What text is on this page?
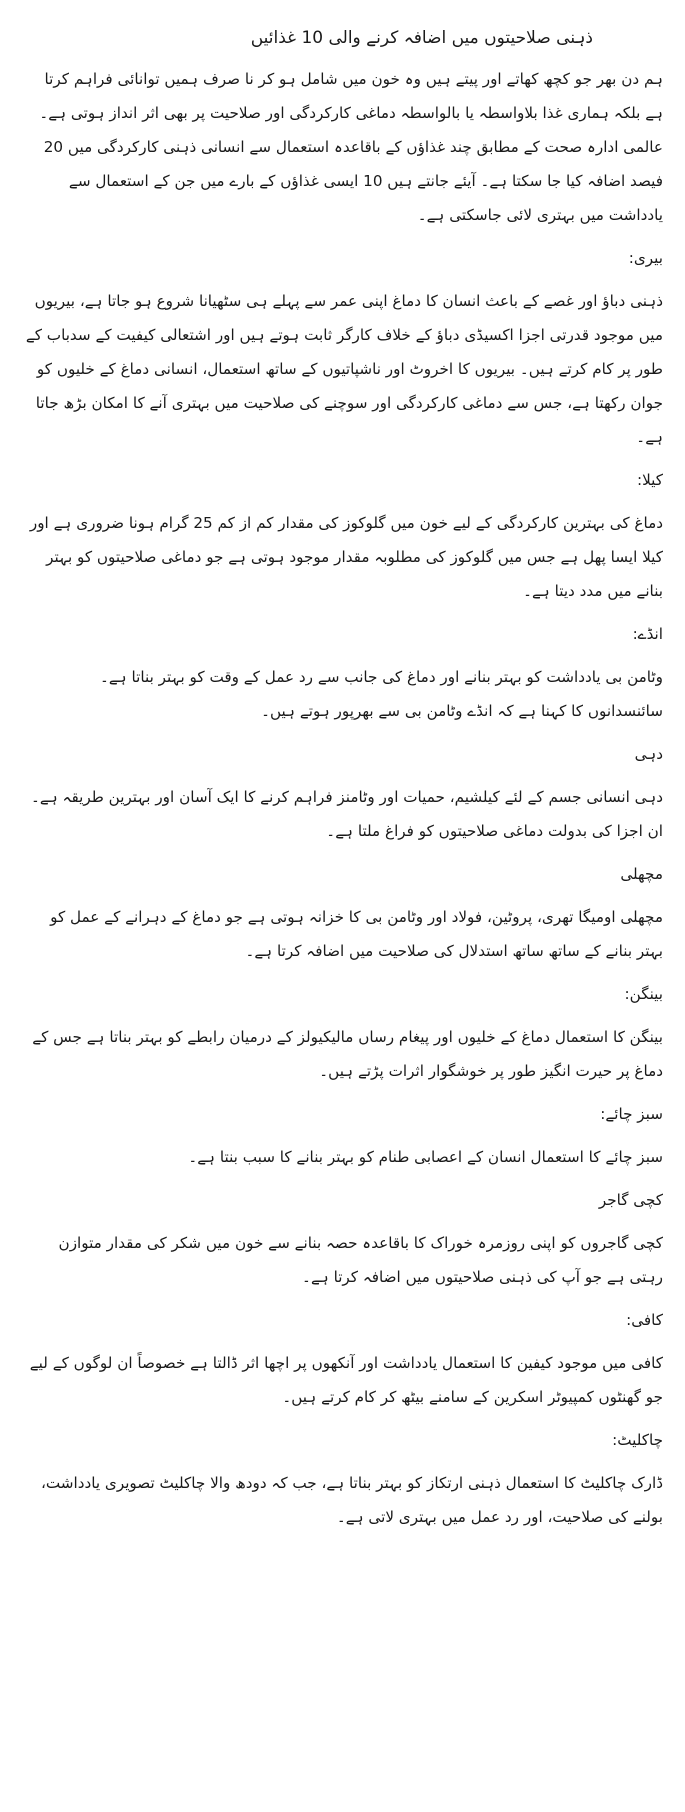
ذہنی صلاحیتوں میں اضافہ کرنے والی 10 غذائیں

ہم دن بھر جو کچھ کھاتے اور پیتے ہیں وہ خون میں شامل ہو کر نا صرف ہمیں توانائی فراہم کرتا ہے بلکہ ہماری غذا بلاواسطہ یا بالواسطہ دماغی کارکردگی اور صلاحیت پر بھی اثر انداز ہوتی ہے۔ عالمی ادارہ صحت کے مطابق چند غذاؤں کے باقاعدہ استعمال سے انسانی ذہنی کارکردگی میں 20 فیصد اضافہ کیا جا سکتا ہے۔ آیئے جانتے ہیں 10 ایسی غذاؤں کے بارے میں جن کے استعمال سے یادداشت میں بہتری لائی جاسکتی ہے۔

بیری:

ذہنی دباؤ اور غصے کے باعث انسان کا دماغ اپنی عمر سے پہلے ہی سٹھیانا شروع ہو جاتا ہے، بیریوں میں موجود قدرتی اجزا اکسیڈی دباؤ کے خلاف کارگر ثابت ہوتے ہیں اور اشتعالی کیفیت کے سدباب کے طور پر کام کرتے ہیں۔ بیریوں کا اخروٹ اور ناشپاتیوں کے ساتھ استعمال، انسانی دماغ کے خلیوں کو جوان رکھتا ہے، جس سے دماغی کارکردگی اور سوچنے کی صلاحیت میں بہتری آنے کا امکان بڑھ جاتا ہے۔

کیلا:

دماغ کی بہترین کارکردگی کے لیے خون میں گلوکوز کی مقدار کم از کم 25 گرام ہونا ضروری ہے اور کیلا ایسا پھل ہے جس میں گلوکوز کی مطلوبہ مقدار موجود ہوتی ہے جو دماغی صلاحیتوں کو بہتر بنانے میں مدد دیتا ہے۔

انڈے:

وٹامن بی یادداشت کو بہتر بنانے اور دماغ کی جانب سے رد عمل کے وقت کو بہتر بناتا ہے۔ سائنسدانوں کا کہنا ہے کہ انڈے وٹامن بی سے بھرپور ہوتے ہیں۔

دہی

دہی انسانی جسم کے لئے کیلشیم، حمیات اور وٹامنز فراہم کرنے کا ایک آسان اور بہترین طریقہ ہے۔ ان اجزا کی بدولت دماغی صلاحیتوں کو فراغ ملتا ہے۔

مچھلی

مچھلی اومیگا تھری، پروٹین، فولاد اور وٹامن بی کا خزانہ ہوتی ہے جو دماغ کے دہرانے کے عمل کو بہتر بنانے کے ساتھ ساتھ استدلال کی صلاحیت میں اضافہ کرتا ہے۔

بینگن:

بینگن کا استعمال دماغ کے خلیوں اور پیغام رساں مالیکیولز کے درمیان رابطے کو بہتر بناتا ہے جس کے دماغ پر حیرت انگیز طور پر خوشگوار اثرات پڑتے ہیں۔

سبز چائے:

سبز چائے کا استعمال انسان کے اعصابی طنام کو بہتر بنانے کا سبب بنتا ہے۔

کچی گاجر

کچی گاجروں کو اپنی روزمرہ خوراک کا باقاعدہ حصہ بنانے سے خون میں شکر کی مقدار متوازن رہتی ہے جو آپ کی ذہنی صلاحیتوں میں اضافہ کرتا ہے۔

کافی:

کافی میں موجود کیفین کا استعمال یادداشت اور آنکھوں پر اچھا اثر ڈالتا ہے خصوصاً ان لوگوں کے لیے جو گھنٹوں کمپیوٹر اسکرین کے سامنے بیٹھ کر کام کرتے ہیں۔

چاکلیٹ:

ڈارک چاکلیٹ کا استعمال ذہنی ارتکاز کو بہتر بناتا ہے، جب کہ دودھ والا چاکلیٹ تصویری یادداشت، بولنے کی صلاحیت، اور رد عمل میں بہتری لاتی ہے۔
